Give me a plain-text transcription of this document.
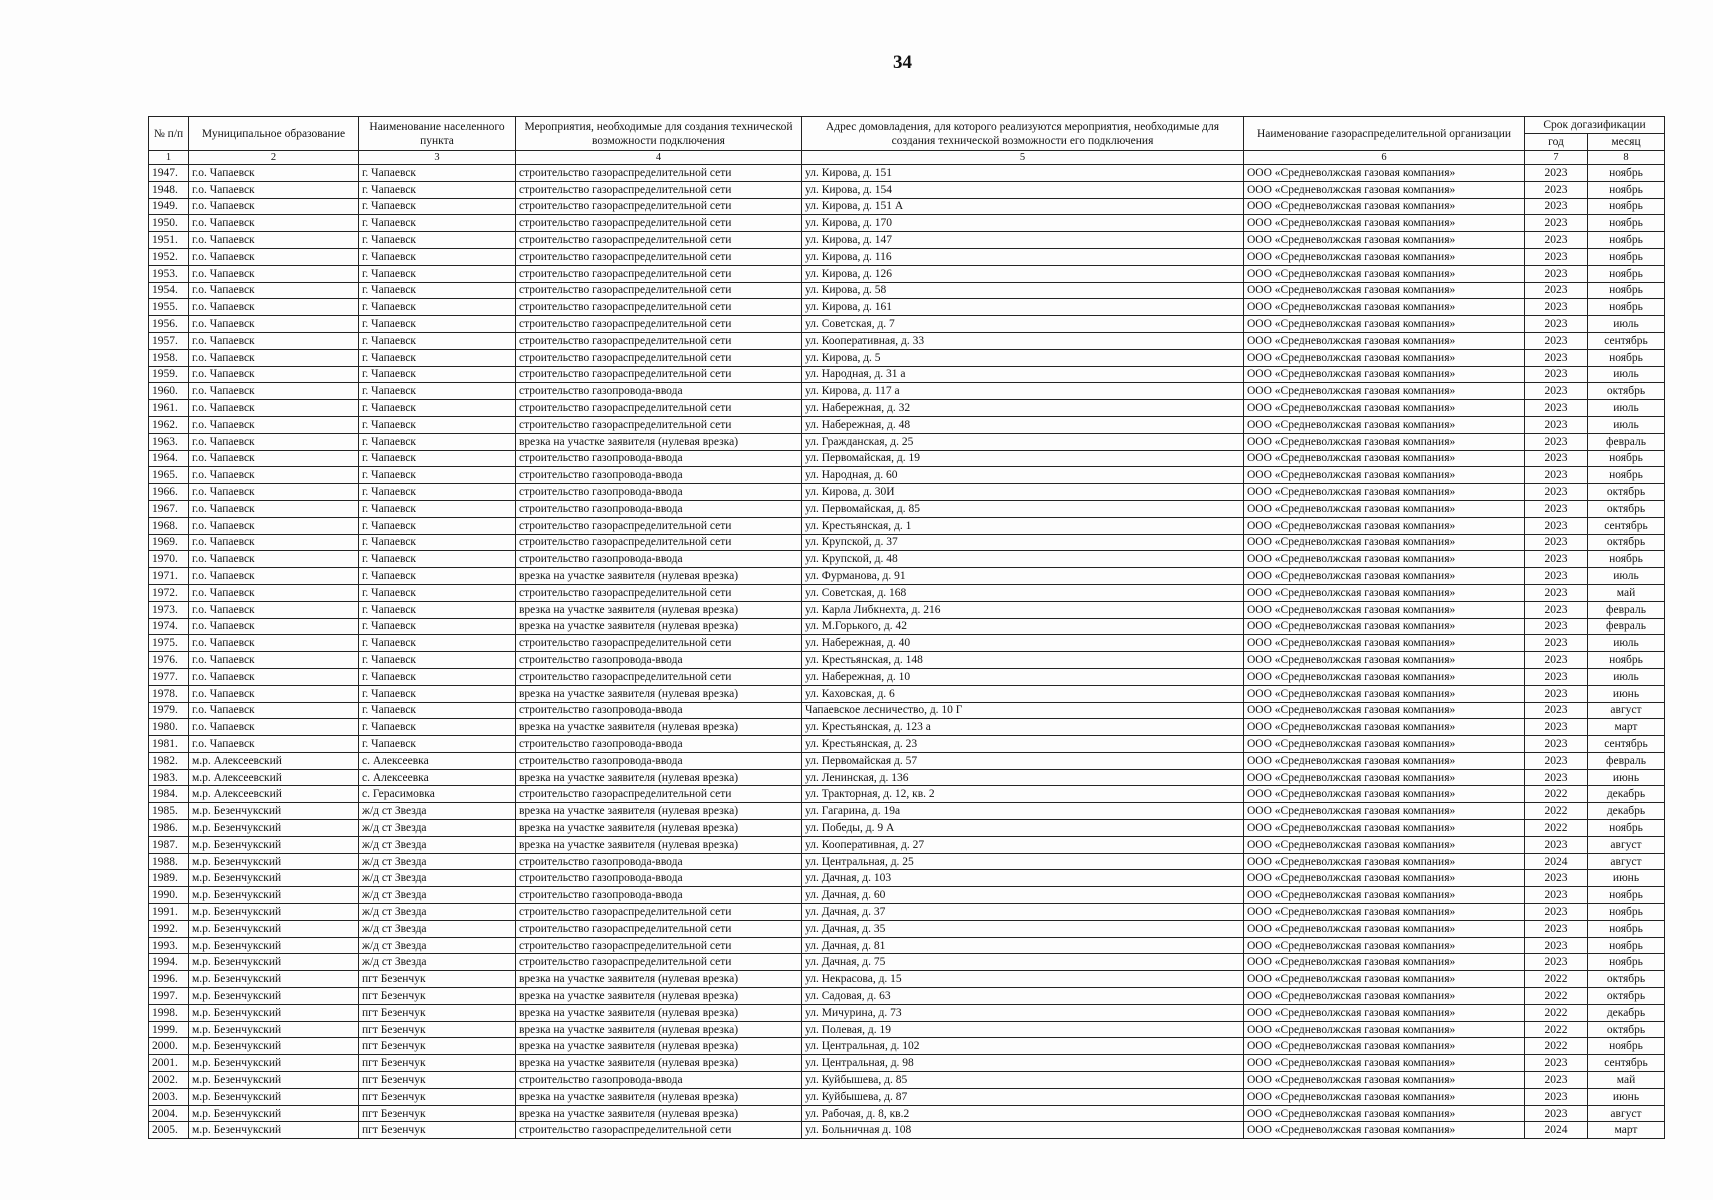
34
№ п/п	Муниципальное образование	Наименование населенного пункта	Мероприятия, необходимые для создания технической возможности подключения	Адрес домовладения, для которого реализуются мероприятия, необходимые для создания технической возможности его подключения	Наименование газораспределительной организации	Срок догазификации	
						год	месяц
1	2	3	4	5	6	7	8
1947.	г.о. Чапаевск	г. Чапаевск	строительство газораспределительной сети	ул. Кирова, д. 151	ООО «Средневолжская газовая компания»	2023	ноябрь
1948.	г.о. Чапаевск	г. Чапаевск	строительство газораспределительной сети	ул. Кирова, д. 154	ООО «Средневолжская газовая компания»	2023	ноябрь
1949.	г.о. Чапаевск	г. Чапаевск	строительство газораспределительной сети	ул. Кирова, д. 151 А	ООО «Средневолжская газовая компания»	2023	ноябрь
1950.	г.о. Чапаевск	г. Чапаевск	строительство газораспределительной сети	ул. Кирова, д. 170	ООО «Средневолжская газовая компания»	2023	ноябрь
1951.	г.о. Чапаевск	г. Чапаевск	строительство газораспределительной сети	ул. Кирова, д. 147	ООО «Средневолжская газовая компания»	2023	ноябрь
1952.	г.о. Чапаевск	г. Чапаевск	строительство газораспределительной сети	ул. Кирова, д. 116	ООО «Средневолжская газовая компания»	2023	ноябрь
1953.	г.о. Чапаевск	г. Чапаевск	строительство газораспределительной сети	ул. Кирова, д. 126	ООО «Средневолжская газовая компания»	2023	ноябрь
1954.	г.о. Чапаевск	г. Чапаевск	строительство газораспределительной сети	ул. Кирова, д. 58	ООО «Средневолжская газовая компания»	2023	ноябрь
1955.	г.о. Чапаевск	г. Чапаевск	строительство газораспределительной сети	ул. Кирова, д. 161	ООО «Средневолжская газовая компания»	2023	ноябрь
1956.	г.о. Чапаевск	г. Чапаевск	строительство газораспределительной сети	ул. Советская, д. 7	ООО «Средневолжская газовая компания»	2023	июль
1957.	г.о. Чапаевск	г. Чапаевск	строительство газораспределительной сети	ул. Кооперативная, д. 33	ООО «Средневолжская газовая компания»	2023	сентябрь
1958.	г.о. Чапаевск	г. Чапаевск	строительство газораспределительной сети	ул. Кирова, д. 5	ООО «Средневолжская газовая компания»	2023	ноябрь
1959.	г.о. Чапаевск	г. Чапаевск	строительство газораспределительной сети	ул. Народная, д. 31 а	ООО «Средневолжская газовая компания»	2023	июль
1960.	г.о. Чапаевск	г. Чапаевск	строительство газопровода-ввода	ул. Кирова, д. 117 а	ООО «Средневолжская газовая компания»	2023	октябрь
1961.	г.о. Чапаевск	г. Чапаевск	строительство газораспределительной сети	ул. Набережная, д. 32	ООО «Средневолжская газовая компания»	2023	июль
1962.	г.о. Чапаевск	г. Чапаевск	строительство газораспределительной сети	ул. Набережная, д. 48	ООО «Средневолжская газовая компания»	2023	июль
1963.	г.о. Чапаевск	г. Чапаевск	врезка на участке заявителя (нулевая врезка)	ул. Гражданская, д. 25	ООО «Средневолжская газовая компания»	2023	февраль
1964.	г.о. Чапаевск	г. Чапаевск	строительство газопровода-ввода	ул. Первомайская, д. 19	ООО «Средневолжская газовая компания»	2023	ноябрь
1965.	г.о. Чапаевск	г. Чапаевск	строительство газопровода-ввода	ул. Народная, д. 60	ООО «Средневолжская газовая компания»	2023	ноябрь
1966.	г.о. Чапаевск	г. Чапаевск	строительство газопровода-ввода	ул. Кирова, д. 30И	ООО «Средневолжская газовая компания»	2023	октябрь
1967.	г.о. Чапаевск	г. Чапаевск	строительство газопровода-ввода	ул. Первомайская, д. 85	ООО «Средневолжская газовая компания»	2023	октябрь
1968.	г.о. Чапаевск	г. Чапаевск	строительство газораспределительной сети	ул. Крестьянская, д. 1	ООО «Средневолжская газовая компания»	2023	сентябрь
1969.	г.о. Чапаевск	г. Чапаевск	строительство газораспределительной сети	ул. Крупской, д. 37	ООО «Средневолжская газовая компания»	2023	октябрь
1970.	г.о. Чапаевск	г. Чапаевск	строительство газопровода-ввода	ул. Крупской, д. 48	ООО «Средневолжская газовая компания»	2023	ноябрь
1971.	г.о. Чапаевск	г. Чапаевск	врезка на участке заявителя (нулевая врезка)	ул. Фурманова, д. 91	ООО «Средневолжская газовая компания»	2023	июль
1972.	г.о. Чапаевск	г. Чапаевск	строительство газораспределительной сети	ул. Советская, д. 168	ООО «Средневолжская газовая компания»	2023	май
1973.	г.о. Чапаевск	г. Чапаевск	врезка на участке заявителя (нулевая врезка)	ул. Карла Либкнехта, д. 216	ООО «Средневолжская газовая компания»	2023	февраль
1974.	г.о. Чапаевск	г. Чапаевск	врезка на участке заявителя (нулевая врезка)	ул. М.Горького, д. 42	ООО «Средневолжская газовая компания»	2023	февраль
1975.	г.о. Чапаевск	г. Чапаевск	строительство газораспределительной сети	ул. Набережная, д. 40	ООО «Средневолжская газовая компания»	2023	июль
1976.	г.о. Чапаевск	г. Чапаевск	строительство газопровода-ввода	ул. Крестьянская, д. 148	ООО «Средневолжская газовая компания»	2023	ноябрь
1977.	г.о. Чапаевск	г. Чапаевск	строительство газораспределительной сети	ул. Набережная, д. 10	ООО «Средневолжская газовая компания»	2023	июль
1978.	г.о. Чапаевск	г. Чапаевск	врезка на участке заявителя (нулевая врезка)	ул. Каховская, д. 6	ООО «Средневолжская газовая компания»	2023	июнь
1979.	г.о. Чапаевск	г. Чапаевск	строительство газопровода-ввода	Чапаевское лесничество, д. 10 Г	ООО «Средневолжская газовая компания»	2023	август
1980.	г.о. Чапаевск	г. Чапаевск	врезка на участке заявителя (нулевая врезка)	ул. Крестьянская, д. 123 а	ООО «Средневолжская газовая компания»	2023	март
1981.	г.о. Чапаевск	г. Чапаевск	строительство газопровода-ввода	ул. Крестьянская, д. 23	ООО «Средневолжская газовая компания»	2023	сентябрь
1982.	м.р. Алексеевский	с. Алексеевка	строительство газопровода-ввода	ул. Первомайская д. 57	ООО «Средневолжская газовая компания»	2023	февраль
1983.	м.р. Алексеевский	с. Алексеевка	врезка на участке заявителя (нулевая врезка)	ул. Ленинская, д. 136	ООО «Средневолжская газовая компания»	2023	июнь
1984.	м.р. Алексеевский	с. Герасимовка	строительство газораспределительной сети	ул. Тракторная, д. 12, кв. 2	ООО «Средневолжская газовая компания»	2022	декабрь
1985.	м.р. Безенчукский	ж/д ст Звезда	врезка на участке заявителя (нулевая врезка)	ул. Гагарина, д. 19а	ООО «Средневолжская газовая компания»	2022	декабрь
1986.	м.р. Безенчукский	ж/д ст Звезда	врезка на участке заявителя (нулевая врезка)	ул. Победы, д. 9 А	ООО «Средневолжская газовая компания»	2022	ноябрь
1987.	м.р. Безенчукский	ж/д ст Звезда	врезка на участке заявителя (нулевая врезка)	ул. Кооперативная, д. 27	ООО «Средневолжская газовая компания»	2023	август
1988.	м.р. Безенчукский	ж/д ст Звезда	строительство газопровода-ввода	ул. Центральная, д. 25	ООО «Средневолжская газовая компания»	2024	август
1989.	м.р. Безенчукский	ж/д ст Звезда	строительство газопровода-ввода	ул. Дачная, д. 103	ООО «Средневолжская газовая компания»	2023	июнь
1990.	м.р. Безенчукский	ж/д ст Звезда	строительство газопровода-ввода	ул. Дачная, д. 60	ООО «Средневолжская газовая компания»	2023	ноябрь
1991.	м.р. Безенчукский	ж/д ст Звезда	строительство газораспределительной сети	ул. Дачная, д. 37	ООО «Средневолжская газовая компания»	2023	ноябрь
1992.	м.р. Безенчукский	ж/д ст Звезда	строительство газораспределительной сети	ул. Дачная, д. 35	ООО «Средневолжская газовая компания»	2023	ноябрь
1993.	м.р. Безенчукский	ж/д ст Звезда	строительство газораспределительной сети	ул. Дачная, д. 81	ООО «Средневолжская газовая компания»	2023	ноябрь
1994.	м.р. Безенчукский	ж/д ст Звезда	строительство газораспределительной сети	ул. Дачная, д. 75	ООО «Средневолжская газовая компания»	2023	ноябрь
1996.	м.р. Безенчукский	пгт Безенчук	врезка на участке заявителя (нулевая врезка)	ул. Некрасова, д. 15	ООО «Средневолжская газовая компания»	2022	октябрь
1997.	м.р. Безенчукский	пгт Безенчук	врезка на участке заявителя (нулевая врезка)	ул. Садовая, д. 63	ООО «Средневолжская газовая компания»	2022	октябрь
1998.	м.р. Безенчукский	пгт Безенчук	врезка на участке заявителя (нулевая врезка)	ул. Мичурина, д. 73	ООО «Средневолжская газовая компания»	2022	декабрь
1999.	м.р. Безенчукский	пгт Безенчук	врезка на участке заявителя (нулевая врезка)	ул. Полевая, д. 19	ООО «Средневолжская газовая компания»	2022	октябрь
2000.	м.р. Безенчукский	пгт Безенчук	врезка на участке заявителя (нулевая врезка)	ул. Центральная, д. 102	ООО «Средневолжская газовая компания»	2022	ноябрь
2001.	м.р. Безенчукский	пгт Безенчук	врезка на участке заявителя (нулевая врезка)	ул. Центральная, д. 98	ООО «Средневолжская газовая компания»	2023	сентябрь
2002.	м.р. Безенчукский	пгт Безенчук	строительство газопровода-ввода	ул. Куйбышева, д. 85	ООО «Средневолжская газовая компания»	2023	май
2003.	м.р. Безенчукский	пгт Безенчук	врезка на участке заявителя (нулевая врезка)	ул. Куйбышева, д. 87	ООО «Средневолжская газовая компания»	2023	июнь
2004.	м.р. Безенчукский	пгт Безенчук	врезка на участке заявителя (нулевая врезка)	ул. Рабочая, д. 8, кв.2	ООО «Средневолжская газовая компания»	2023	август
2005.	м.р. Безенчукский	пгт Безенчук	строительство газораспределительной сети	ул. Больничная д. 108	ООО «Средневолжская газовая компания»	2024	март
